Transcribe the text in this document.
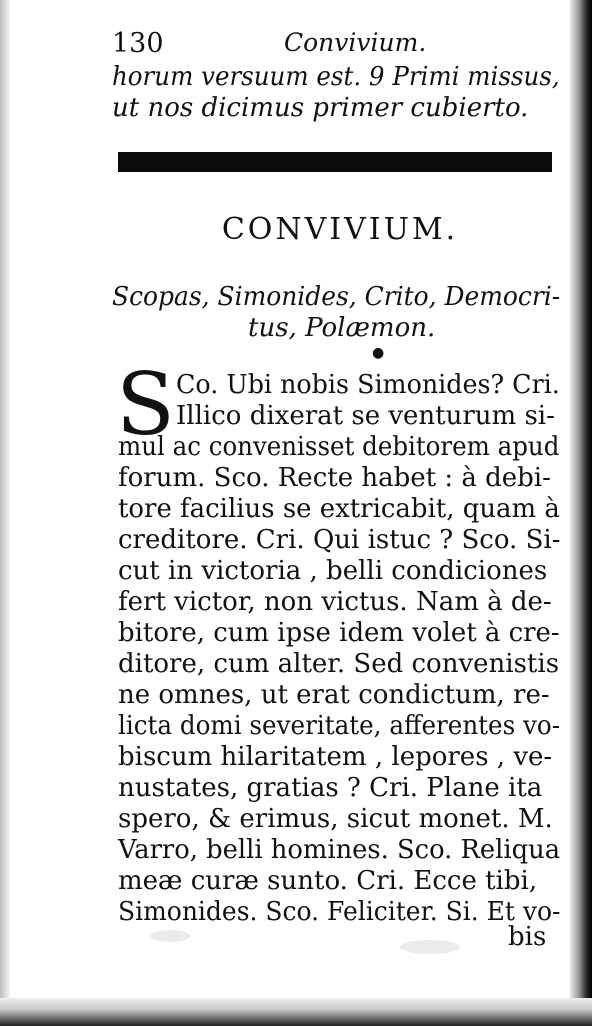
130	Convivium.
horum versuum est. 9 Primi missus,
ut nos dicimus primer cubierto.
CONVIVIUM.
Scopas, Simonides, Crito, Democri-
tus, Polæmon.
●
S Co. Ubi nobis Simonides? Cri.
Illico dixerat se venturum si-
mul ac convenisset debitorem apud
forum. Sco. Recte habet : à debi-
tore facilius se extricabit, quam à
creditore. Cri. Qui istuc ? Sco. Si-
cut in victoria , belli condiciones
fert victor, non victus. Nam à de-
bitore, cum ipse idem volet à cre-
ditore, cum alter. Sed convenistis
ne omnes, ut erat condictum, re-
licta domi severitate, afferentes vo-
biscum hilaritatem , lepores , ve-
nustates, gratias ? Cri. Plane ita
spero, & erimus, sicut monet. M.
Varro, belli homines. Sco. Reliqua
meæ curæ sunto. Cri. Ecce tibi,
Simonides. Sco. Feliciter. Si. Et vo-
bis
